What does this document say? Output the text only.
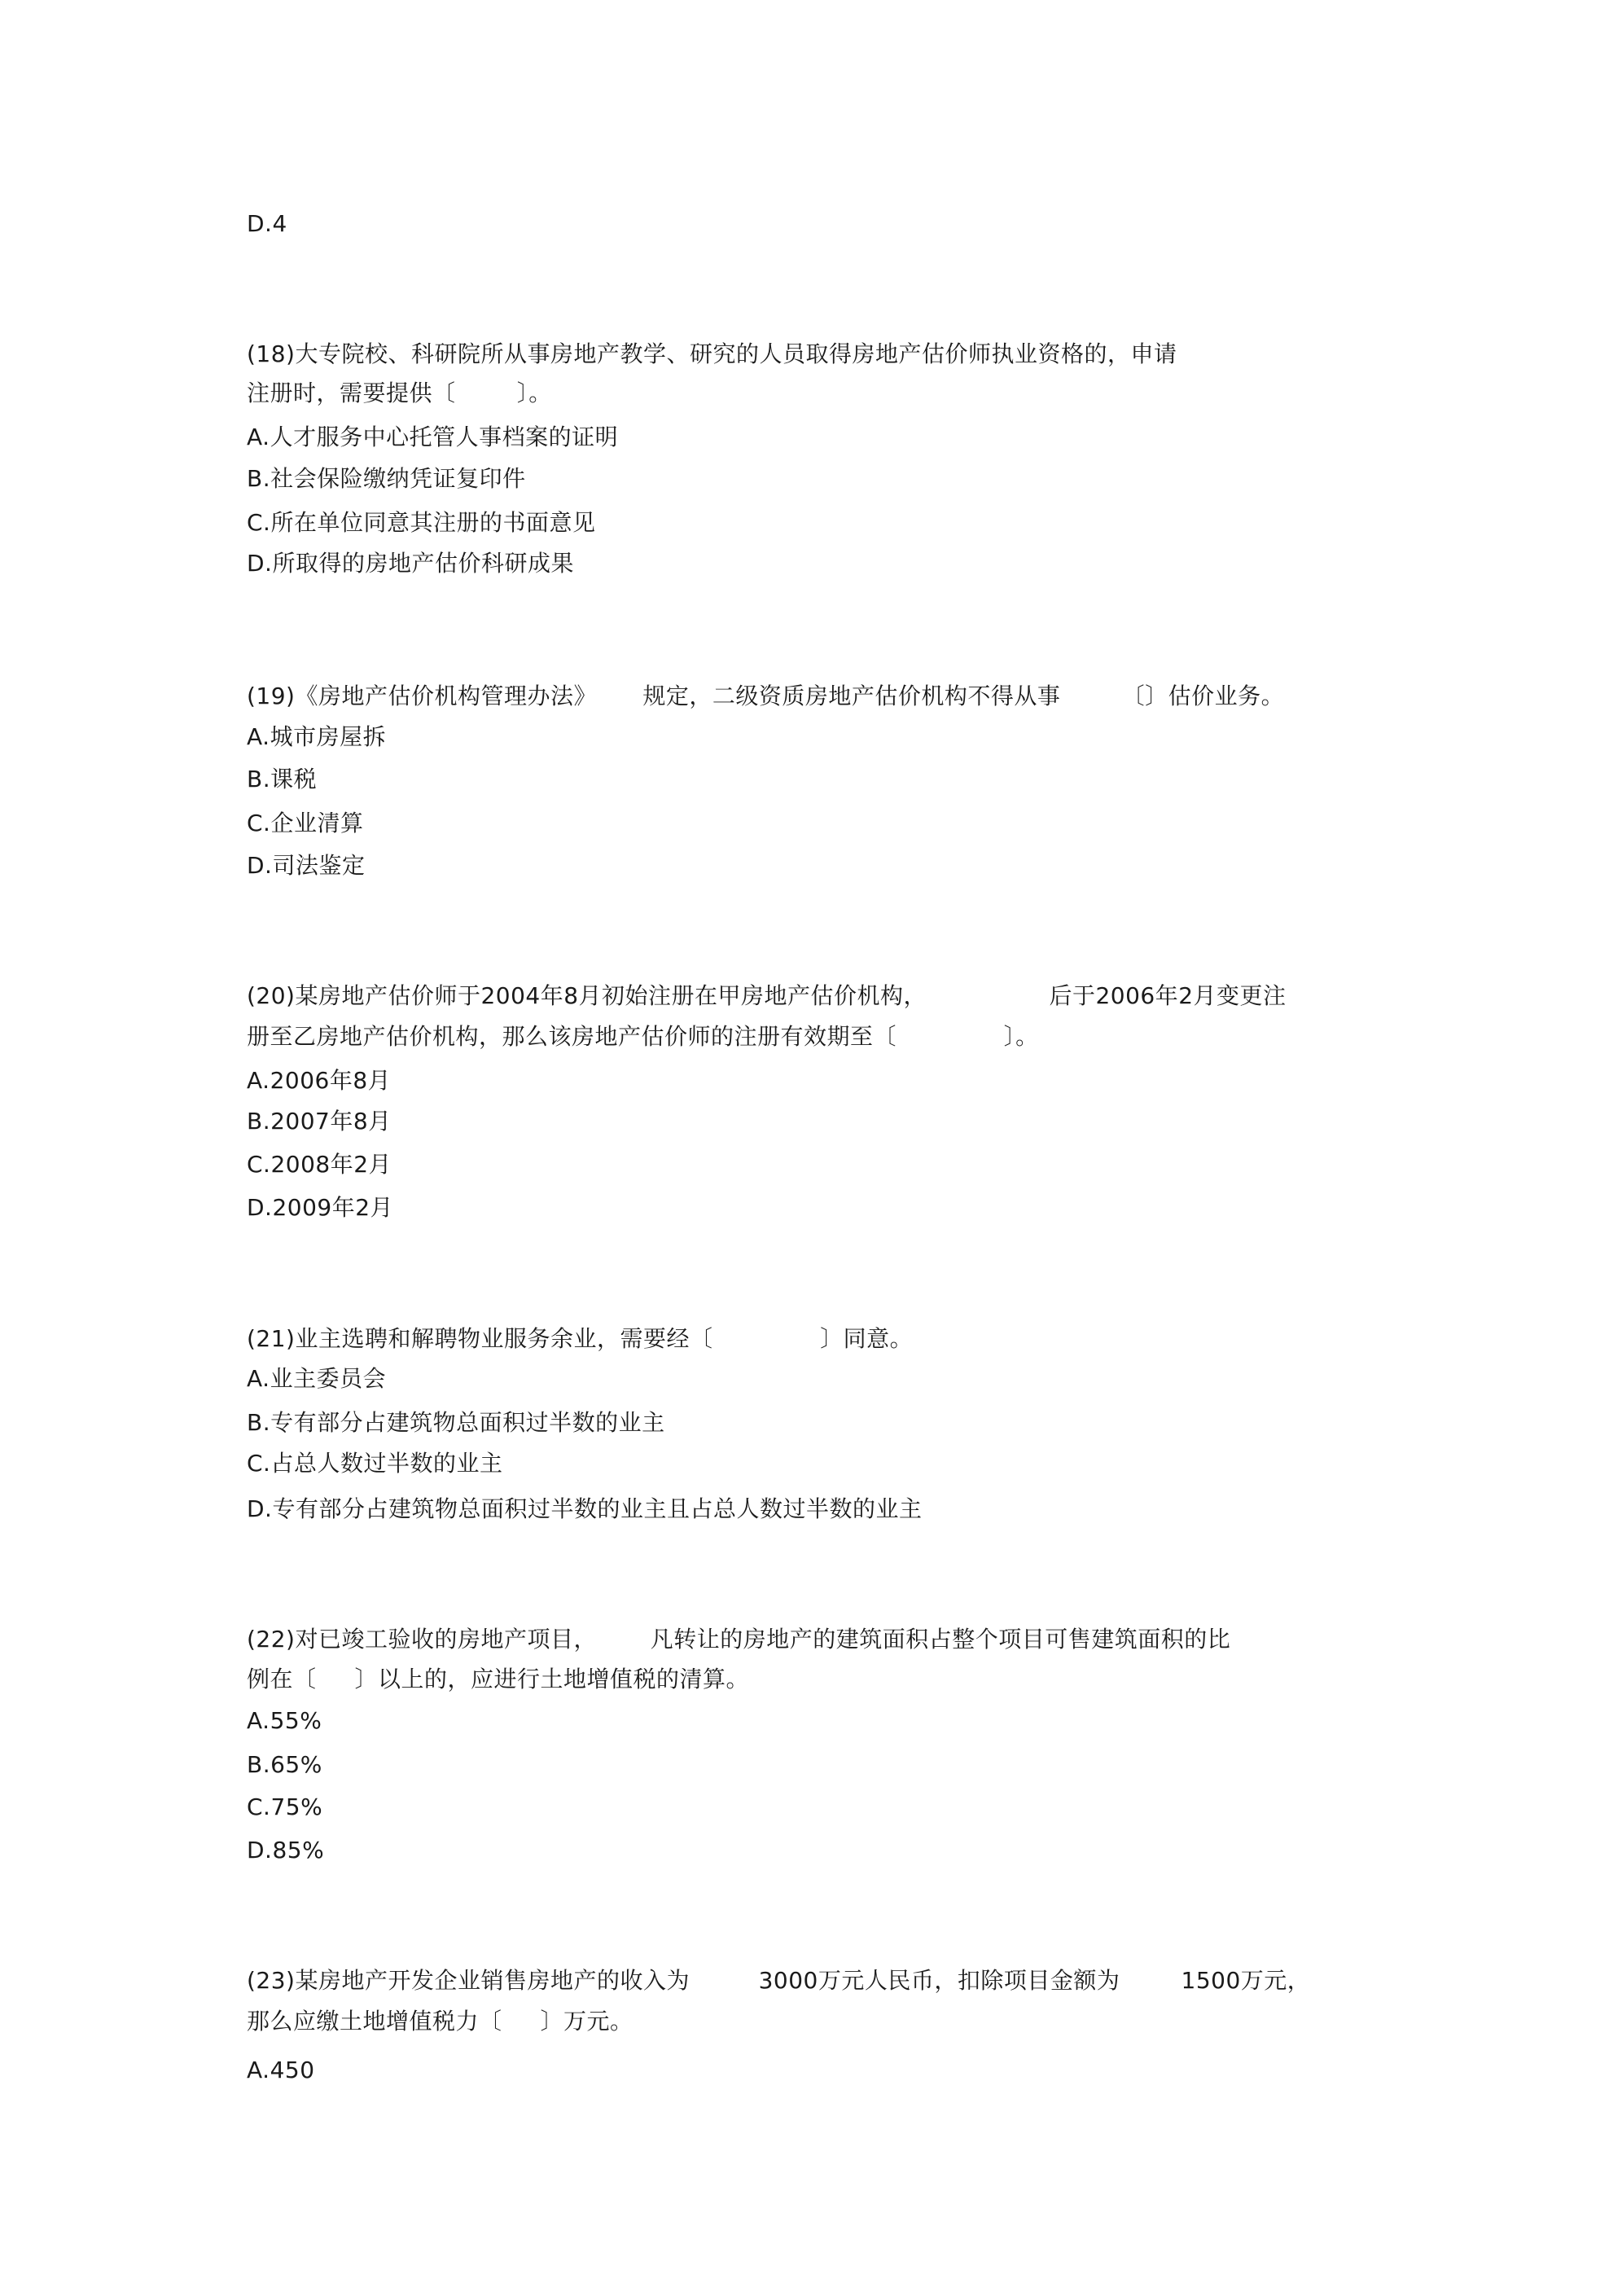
D.4
(18)大专院校、科研院所从事房地产教学、研究的人员取得房地产估价师执业资格的，申请
注册时，需要提供〔        〕。
A.人才服务中心托管人事档案的证明
B.社会保险缴纳凭证复印件
C.所在单位同意其注册的书面意见
D.所取得的房地产估价科研成果
(19)《房地产估价机构管理办法》      规定，二级资质房地产估价机构不得从事        〔〕估价业务。
A.城市房屋拆
B.课税
C.企业清算
D.司法鉴定
(20)某房地产估价师于2004年8月初始注册在甲房地产估价机构，                后于2006年2月变更注
册至乙房地产估价机构，那么该房地产估价师的注册有效期至〔              〕。
A.2006年8月
B.2007年8月
C.2008年2月
D.2009年2月
(21)业主选聘和解聘物业服务余业，需要经〔              〕同意。
A.业主委员会
B.专有部分占建筑物总面积过半数的业主
C.占总人数过半数的业主
D.专有部分占建筑物总面积过半数的业主且占总人数过半数的业主
(22)对已竣工验收的房地产项目，       凡转让的房地产的建筑面积占整个项目可售建筑面积的比
例在〔     〕以上的，应进行土地增值税的清算。
A.55%
B.65%
C.75%
D.85%
(23)某房地产开发企业销售房地产的收入为         3000万元人民币，扣除项目金额为        1500万元，
那么应缴土地增值税力〔     〕万元。
A.450
